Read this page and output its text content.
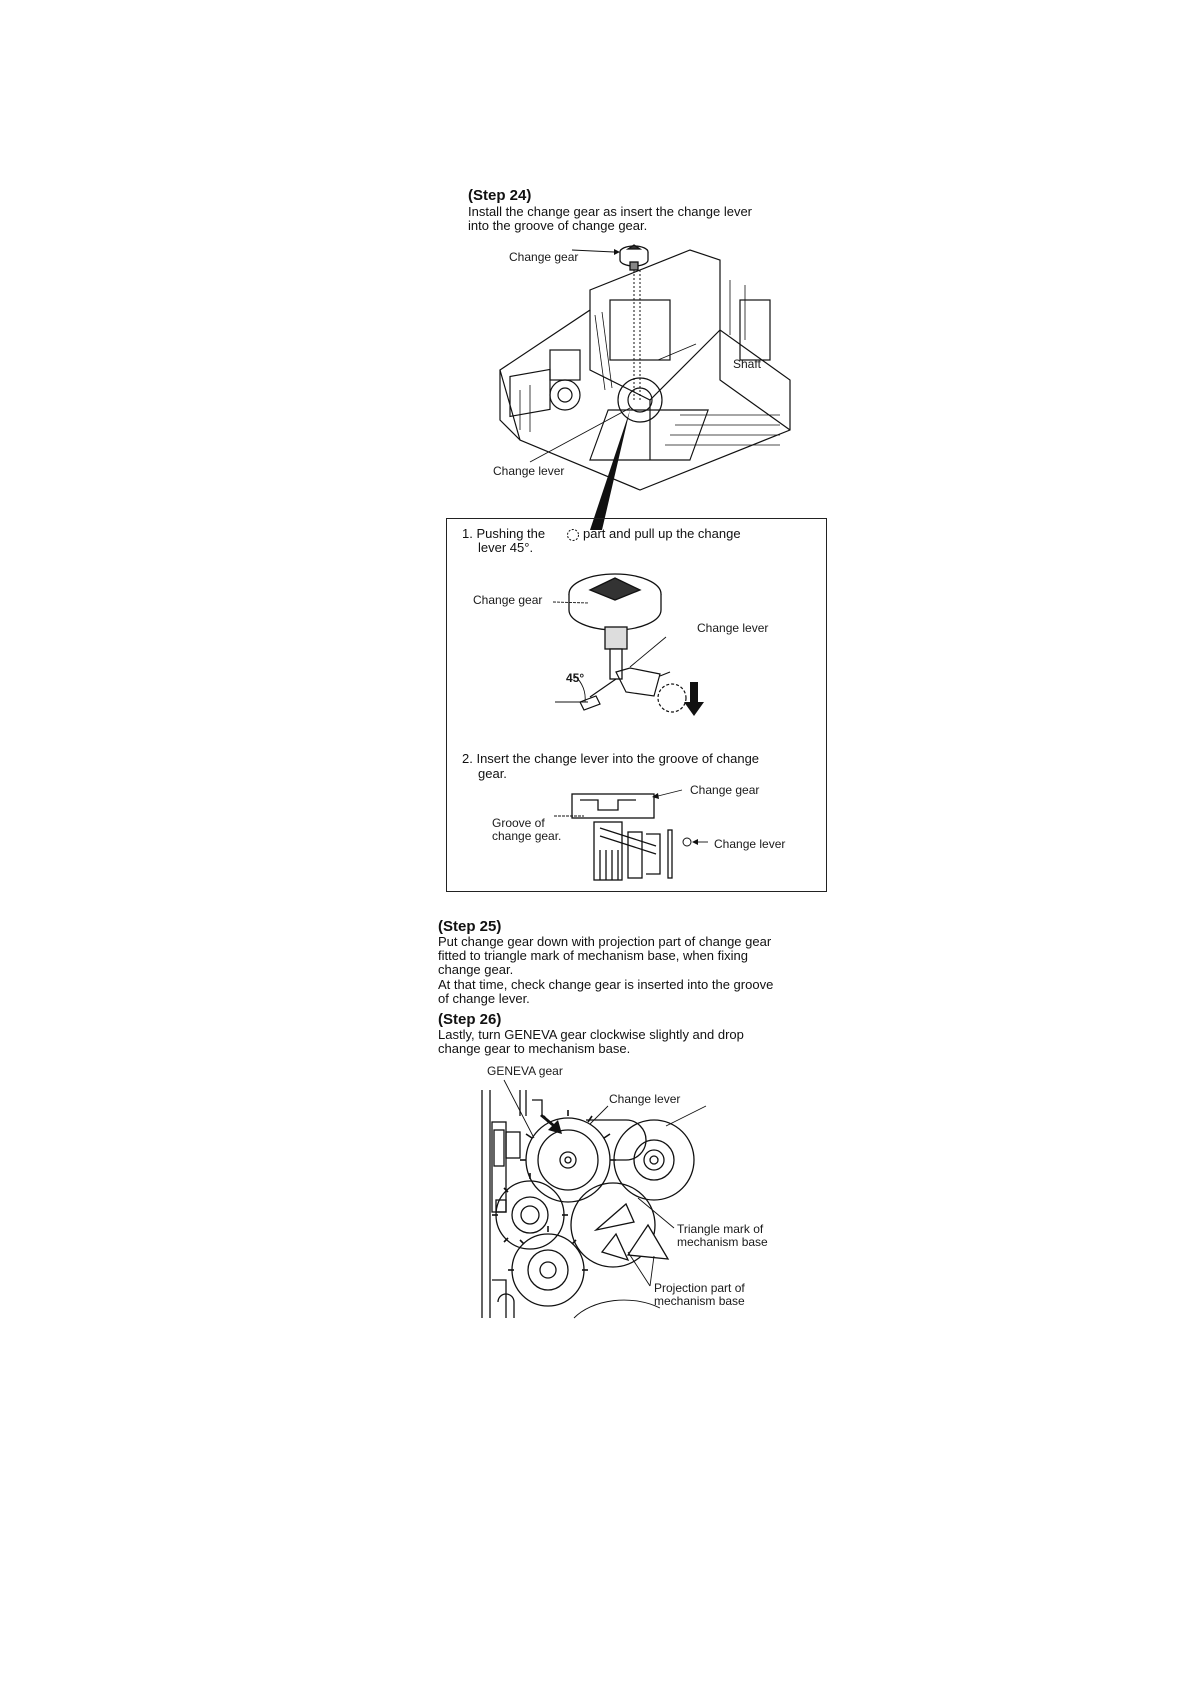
(Step 24)
Install the change gear as insert the change lever
into the groove of change gear.
Change gear
Shaft
Change lever
1. Pushing the	part and pull up the change
lever 45°.
Change gear
Change lever
45°
2. Insert the change lever into the groove of change
gear.
Change gear
Groove of
change gear.
Change lever
(Step 25)
Put change gear down with projection part of change gear
fitted to triangle mark of mechanism base, when fixing
change gear.
At that time, check change gear is inserted into the groove
of change lever.
(Step 26)
Lastly, turn GENEVA gear clockwise slightly and drop
change gear to mechanism base.
GENEVA gear
Change lever
Triangle mark of
mechanism base
Projection part of
mechanism base
